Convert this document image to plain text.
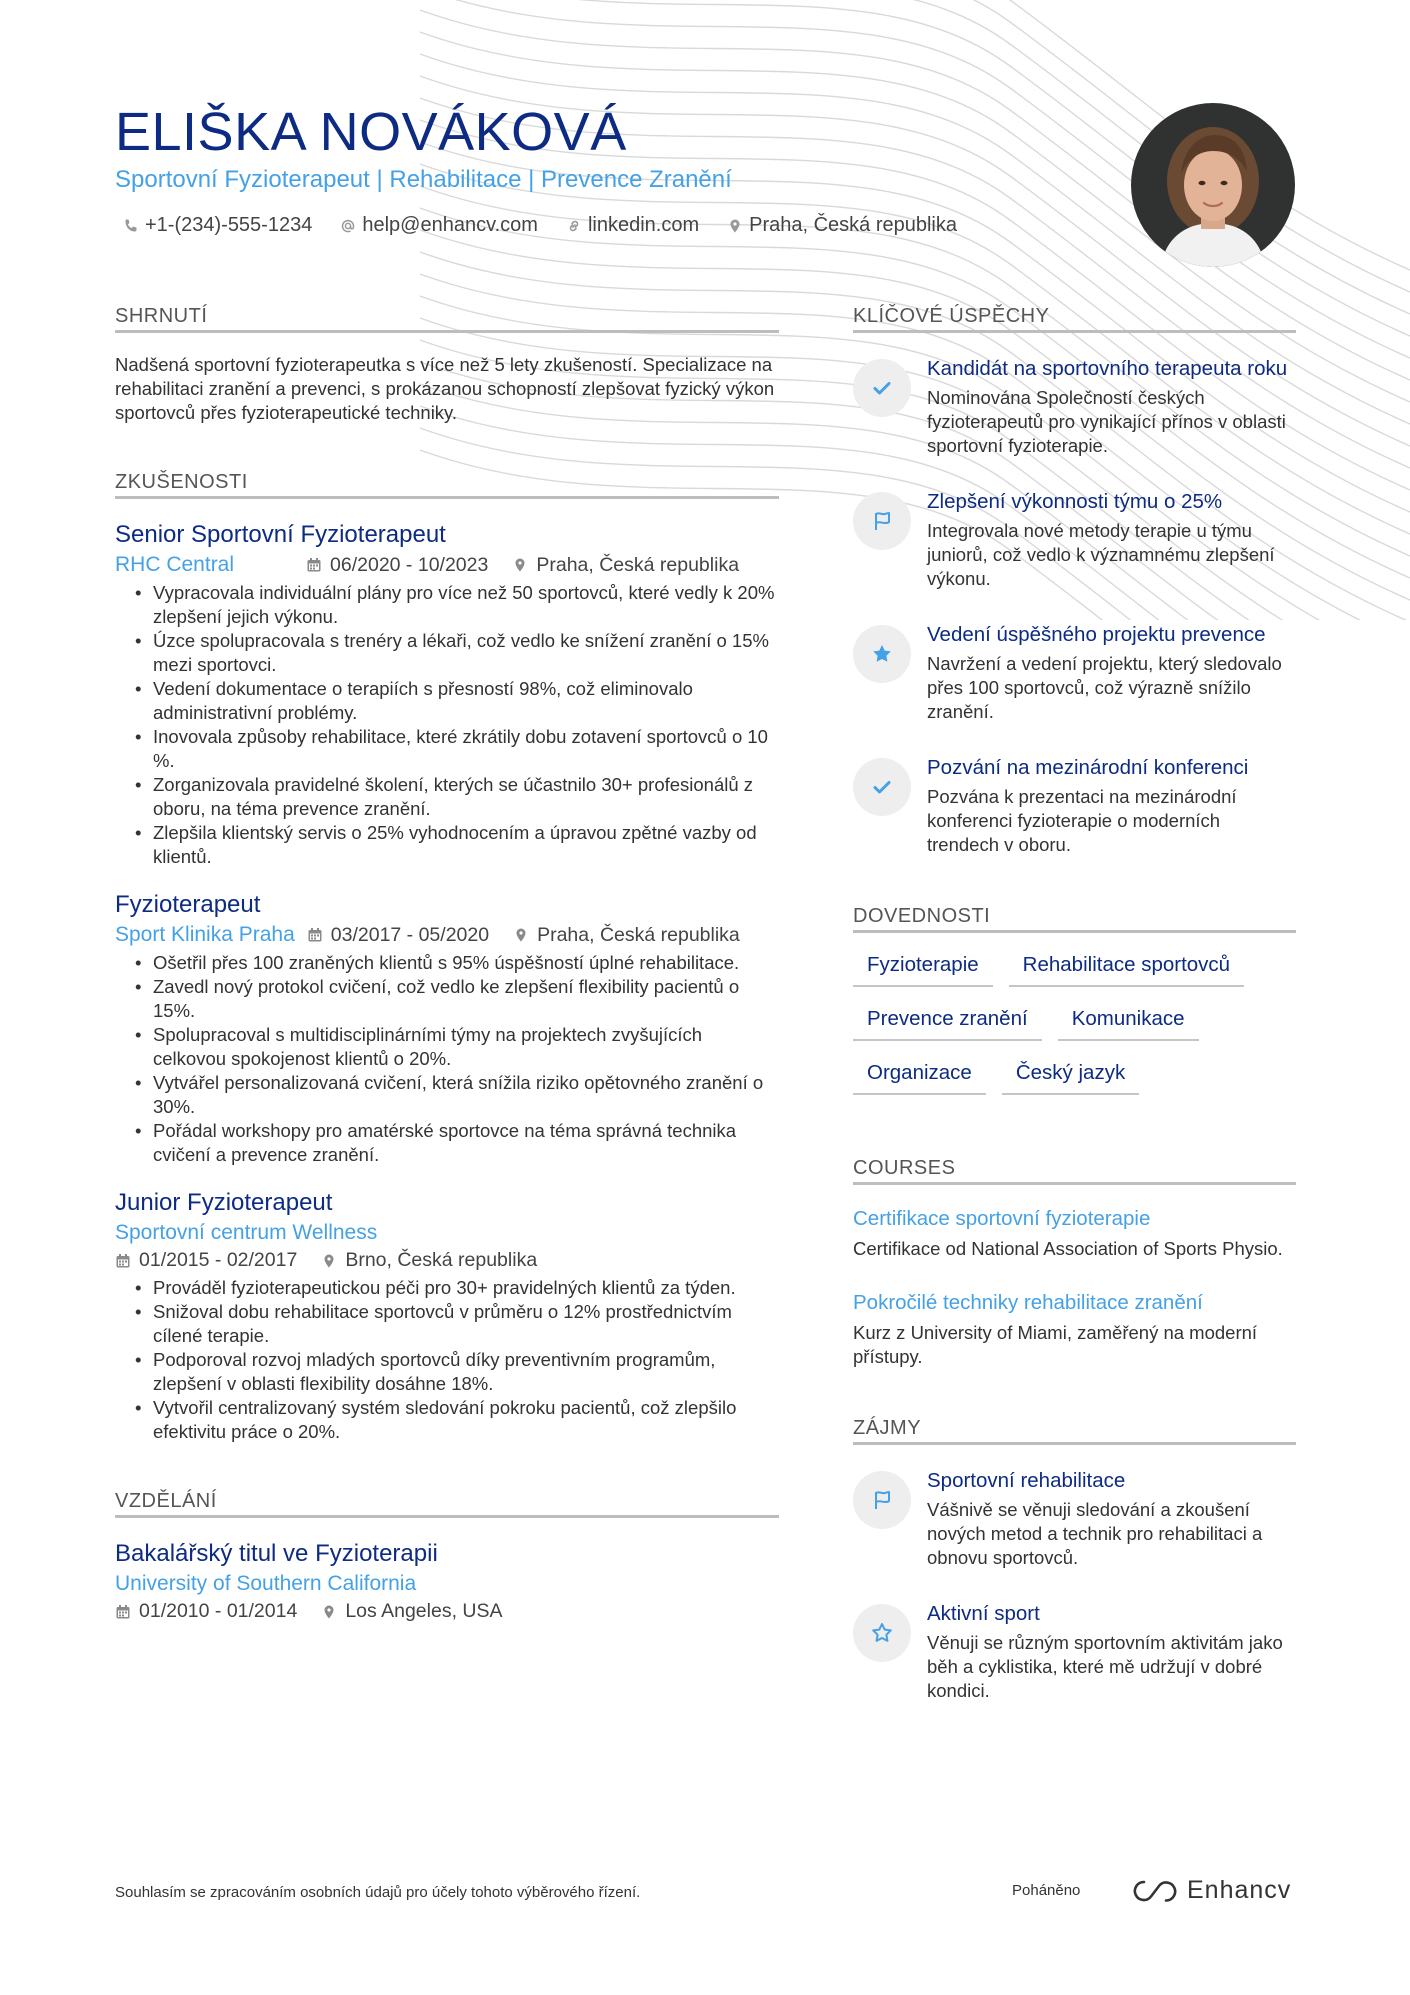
ELIŠKA NOVÁKOVÁ
Sportovní Fyzioterapeut | Rehabilitace | Prevence Zranění
+1-(234)-555-1234	help@enhancv.com	linkedin.com	Praha, Česká republika
SHRNUTÍ
Nadšená sportovní fyzioterapeutka s více než 5 lety zkušeností. Specializace na rehabilitaci zranění a prevenci, s prokázanou schopností zlepšovat fyzický výkon sportovců přes fyzioterapeutické techniky.
ZKUŠENOSTI
Senior Sportovní Fyzioterapeut
RHC Central	06/2020 - 10/2023 Praha, Česká republika
• Vypracovala individuální plány pro více než 50 sportovců, které vedly k 20% zlepšení jejich výkonu.
• Úzce spolupracovala s trenéry a lékaři, což vedlo ke snížení zranění o 15% mezi sportovci.
• Vedení dokumentace o terapiích s přesností 98%, což eliminovalo administrativní problémy.
• Inovovala způsoby rehabilitace, které zkrátily dobu zotavení sportovců o 10 %.
• Zorganizovala pravidelné školení, kterých se účastnilo 30+ profesionálů z oboru, na téma prevence zranění.
• Zlepšila klientský servis o 25% vyhodnocením a úpravou zpětné vazby od klientů.
Fyzioterapeut
Sport Klinika Praha 03/2017 - 05/2020 Praha, Česká republika
• Ošetřil přes 100 zraněných klientů s 95% úspěšností úplné rehabilitace.
• Zavedl nový protokol cvičení, což vedlo ke zlepšení flexibility pacientů o 15%.
• Spolupracoval s multidisciplinárními týmy na projektech zvyšujících celkovou spokojenost klientů o 20%.
• Vytvářel personalizovaná cvičení, která snížila riziko opětovného zranění o 30%.
• Pořádal workshopy pro amatérské sportovce na téma správná technika cvičení a prevence zranění.
Junior Fyzioterapeut
Sportovní centrum Wellness
01/2015 - 02/2017 Brno, Česká republika
• Prováděl fyzioterapeutickou péči pro 30+ pravidelných klientů za týden.
• Snižoval dobu rehabilitace sportovců v průměru o 12% prostřednictvím cílené terapie.
• Podporoval rozvoj mladých sportovců díky preventivním programům, zlepšení v oblasti flexibility dosáhne 18%.
• Vytvořil centralizovaný systém sledování pokroku pacientů, což zlepšilo efektivitu práce o 20%.
VZDĚLÁNÍ
Bakalářský titul ve Fyzioterapii
University of Southern California
01/2010 - 01/2014 Los Angeles, USA
KLÍČOVÉ ÚSPĚCHY
Kandidát na sportovního terapeuta roku
Nominována Společností českých fyzioterapeutů pro vynikající přínos v oblasti sportovní fyzioterapie.
Zlepšení výkonnosti týmu o 25%
Integrovala nové metody terapie u týmu juniorů, což vedlo k významnému zlepšení výkonu.
Vedení úspěšného projektu prevence
Navržení a vedení projektu, který sledovalo přes 100 sportovců, což výrazně snížilo zranění.
Pozvání na mezinárodní konferenci
Pozvána k prezentaci na mezinárodní konferenci fyzioterapie o moderních trendech v oboru.
DOVEDNOSTI
Fyzioterapie	Rehabilitace sportovců
Prevence zranění	Komunikace
Organizace	Český jazyk
COURSES
Certifikace sportovní fyzioterapie
Certifikace od National Association of Sports Physio.
Pokročilé techniky rehabilitace zranění
Kurz z University of Miami, zaměřený na moderní přístupy.
ZÁJMY
Sportovní rehabilitace
Vášnivě se věnuji sledování a zkoušení nových metod a technik pro rehabilitaci a obnovu sportovců.
Aktivní sport
Věnuji se různým sportovním aktivitám jako běh a cyklistika, které mě udržují v dobré kondici.
Souhlasím se zpracováním osobních údajů pro účely tohoto výběrového řízení.	Poháněno	Enhancv
